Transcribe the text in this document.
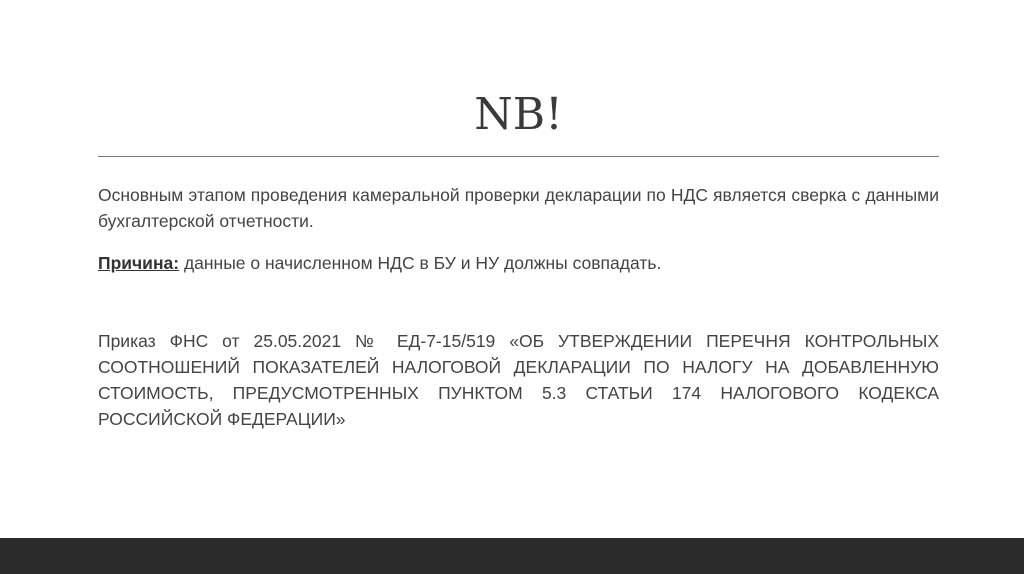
NB!

Основным этапом проведения камеральной проверки декларации по НДС является сверка с данными бухгалтерской отчетности.

Причина: данные о начисленном НДС в БУ и НУ должны совпадать.

Приказ ФНС от 25.05.2021 № ЕД-7-15/519 «ОБ УТВЕРЖДЕНИИ ПЕРЕЧНЯ КОНТРОЛЬНЫХ СООТНОШЕНИЙ ПОКАЗАТЕЛЕЙ НАЛОГОВОЙ ДЕКЛАРАЦИИ ПО НАЛОГУ НА ДОБАВЛЕННУЮ СТОИМОСТЬ, ПРЕДУСМОТРЕННЫХ ПУНКТОМ 5.3 СТАТЬИ 174 НАЛОГОВОГО КОДЕКСА РОССИЙСКОЙ ФЕДЕРАЦИИ»
